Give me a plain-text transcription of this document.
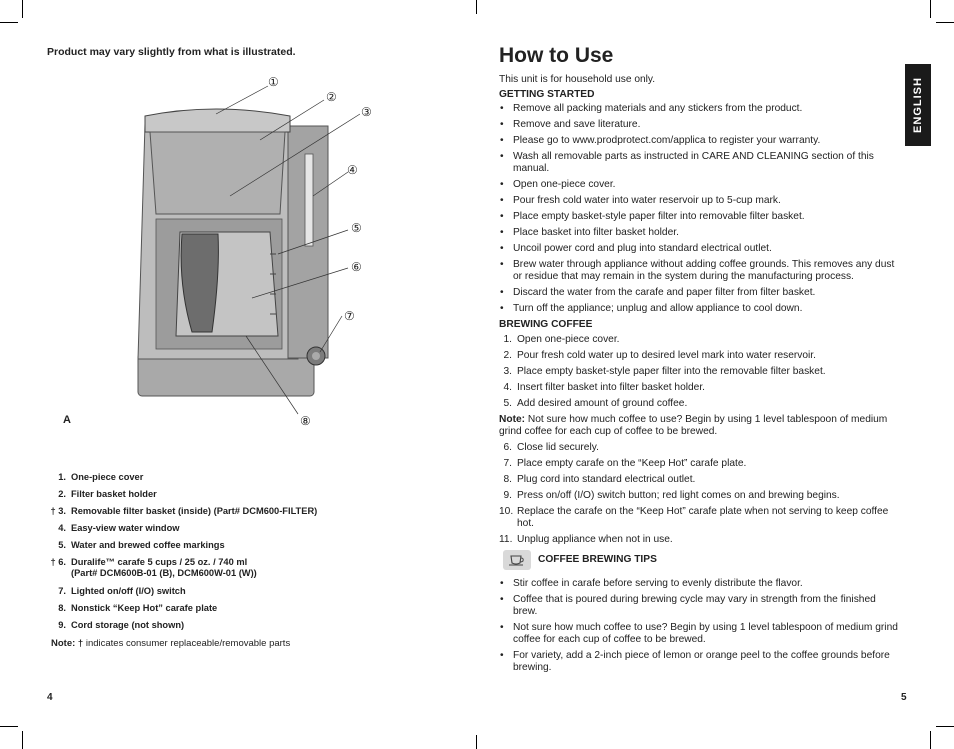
Product may vary slightly from what is illustrated.
①
②
③
④
⑤
⑥
⑦
⑧
A
1. One-piece cover
2. Filter basket holder
† 3. Removable filter basket (inside) (Part# DCM600-FILTER)
4. Easy-view water window
5. Water and brewed coffee markings
† 6. Duralife™ carafe 5 cups / 25 oz. / 740 ml
(Part# DCM600B-01 (B), DCM600W-01 (W))
7. Lighted on/off (I/O) switch
8. Nonstick “Keep Hot” carafe plate
9. Cord storage (not shown)
Note: † indicates consumer replaceable/removable parts
4
How to Use

This unit is for household use only.

GETTING STARTED

• Remove all packing materials and any stickers from the product.
• Remove and save literature.
• Please go to www.prodprotect.com/applica to register your warranty.
• Wash all removable parts as instructed in CARE AND CLEANING section of this manual.
• Open one-piece cover.
• Pour fresh cold water into water reservoir up to 5-cup mark.
• Place empty basket-style paper filter into removable filter basket.
• Place basket into filter basket holder.
• Uncoil power cord and plug into standard electrical outlet.
• Brew water through appliance without adding coffee grounds. This removes any dust or residue that may remain in the system during the manufacturing process.
• Discard the water from the carafe and paper filter from filter basket.
• Turn off the appliance; unplug and allow appliance to cool down.

BREWING COFFEE

1. Open one-piece cover.
2. Pour fresh cold water up to desired level mark into water reservoir.
3. Place empty basket-style paper filter into the removable filter basket.
4. Insert filter basket into filter basket holder.
5. Add desired amount of ground coffee.

Note: Not sure how much coffee to use? Begin by using 1 level tablespoon of medium grind coffee for each cup of coffee to be brewed.

6. Close lid securely.
7. Place empty carafe on the “Keep Hot” carafe plate.
8. Plug cord into standard electrical outlet.
9. Press on/off (I/O) switch button; red light comes on and brewing begins.
10. Replace the carafe on the “Keep Hot” carafe plate when not serving to keep coffee hot.
11. Unplug appliance when not in use.
COFFEE BREWING TIPS
• Stir coffee in carafe before serving to evenly distribute the flavor.
• Coffee that is poured during brewing cycle may vary in strength from the finished brew.
• Not sure how much coffee to use? Begin by using 1 level tablespoon of medium grind coffee for each cup of coffee to be brewed.
• For variety, add a 2-inch piece of lemon or orange peel to the coffee grounds before brewing.
5
ENGLISH
